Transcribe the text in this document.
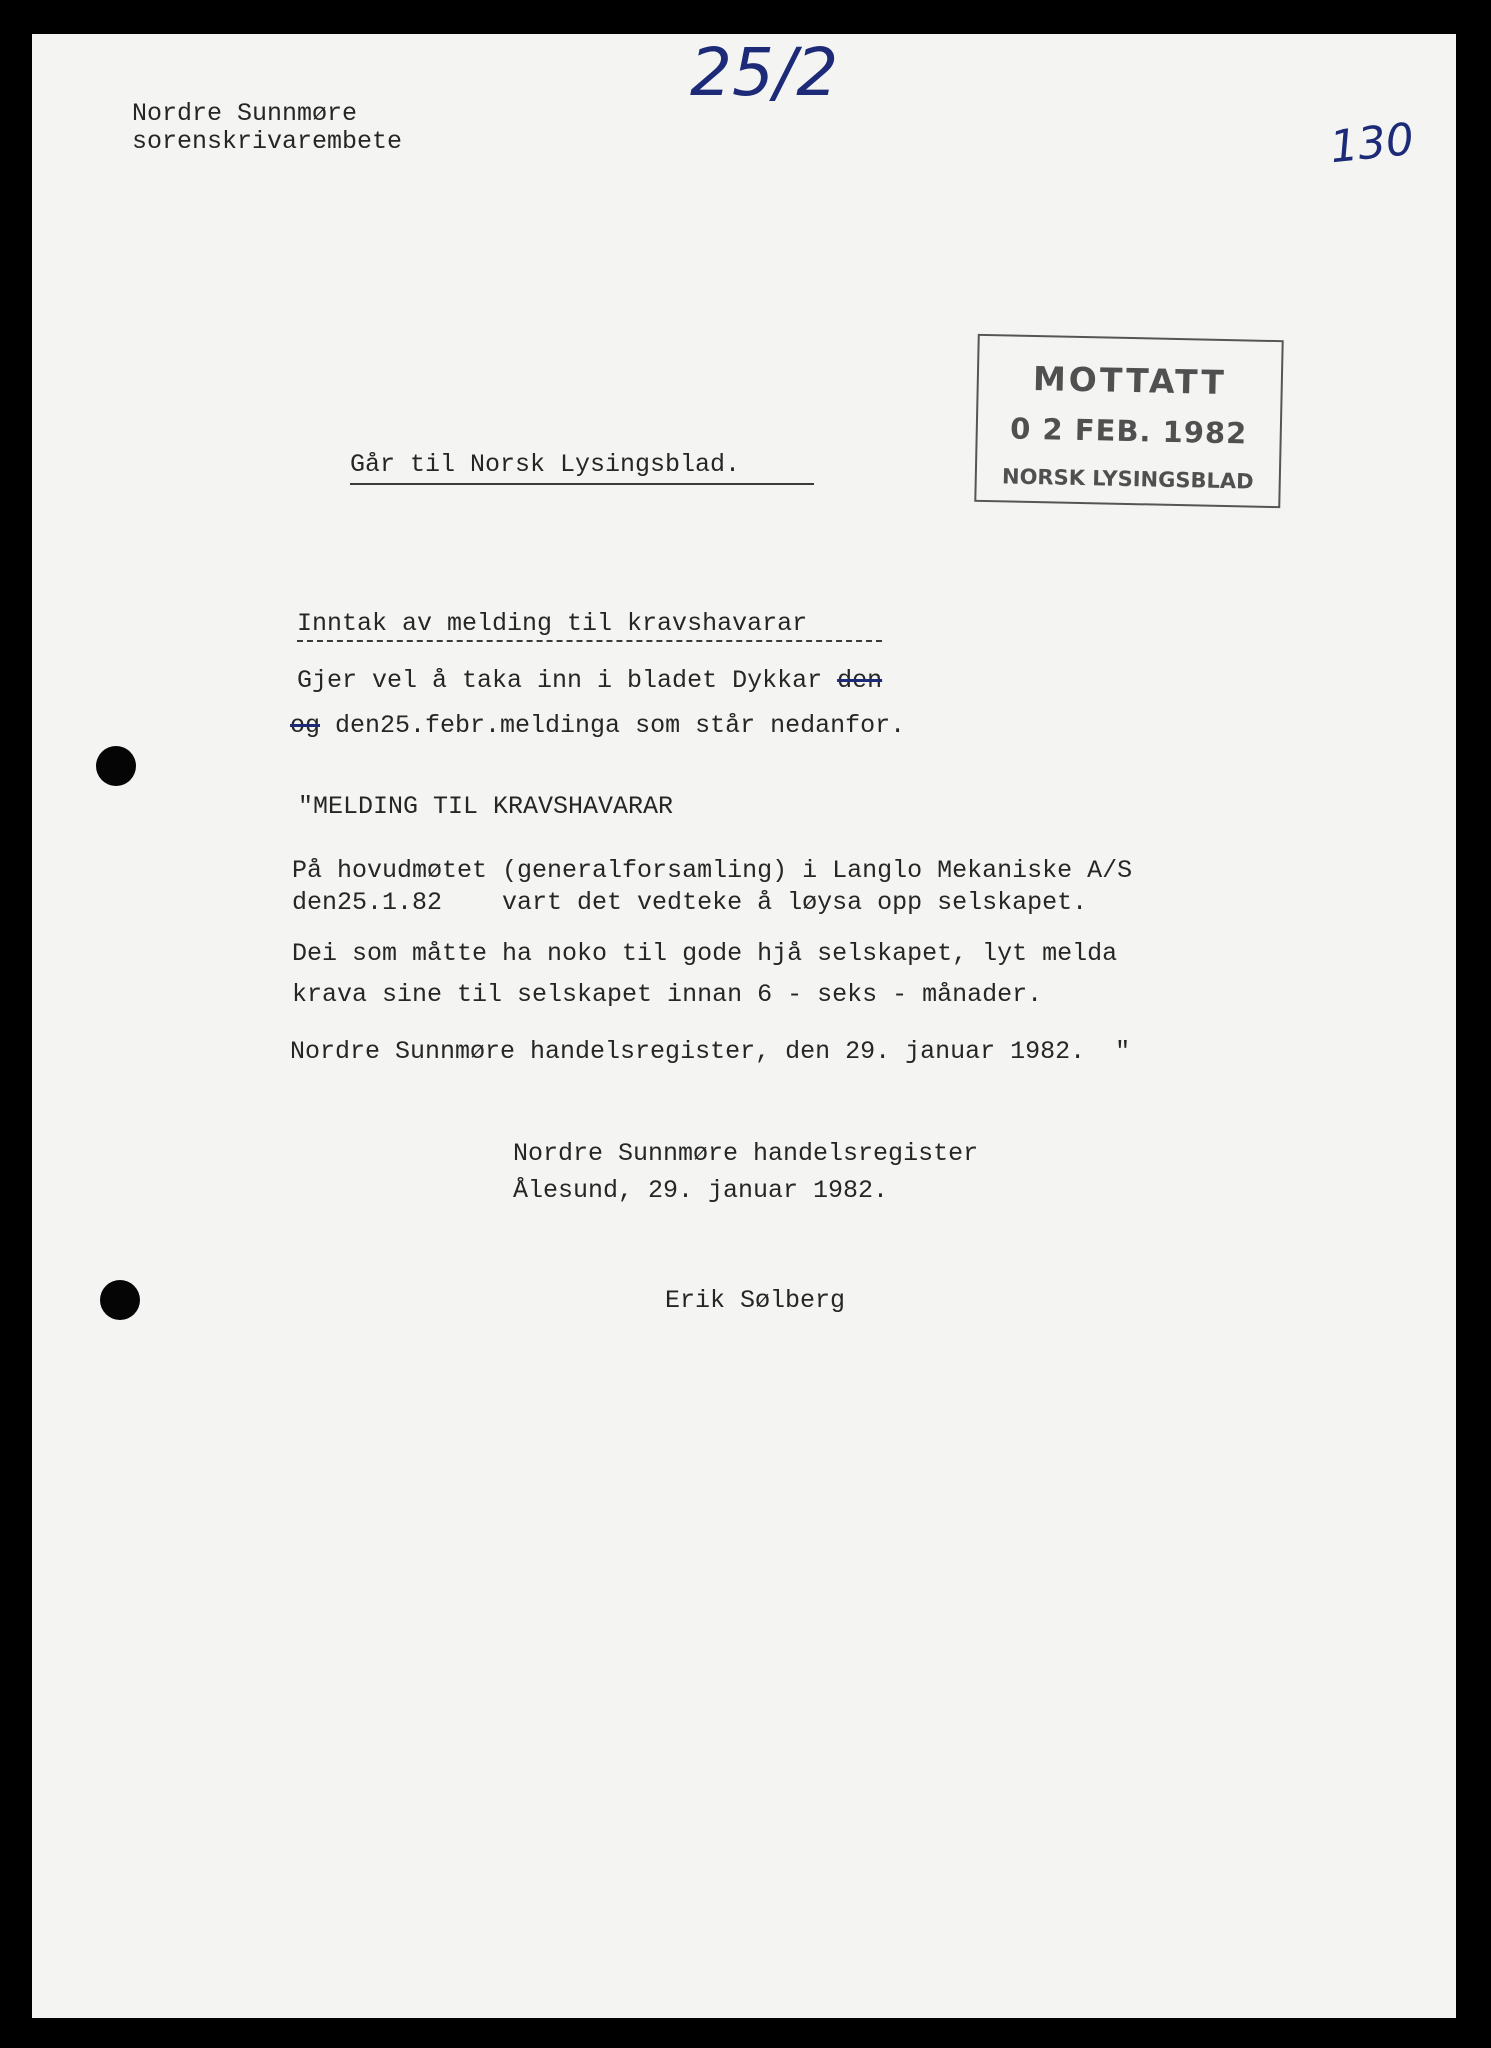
Nordre Sunnmøre

sorenskrivarembete

25/2
130
MOTTATT
0 2 FEB. 1982
NORSK LYSINGSBLAD

Går til Norsk Lysingsblad.

Inntak av melding til kravshavarar

Gjer vel å taka inn i bladet Dykkar den

og den25.febr.meldinga som står nedanfor.

"MELDING TIL KRAVSHAVARAR

På hovudmøtet (generalforsamling) i Langlo Mekaniske A/S

den25.1.82    vart det vedteke å løysa opp selskapet.

Dei som måtte ha noko til gode hjå selskapet, lyt melda

krava sine til selskapet innan 6 - seks - månader.

Nordre Sunnmøre handelsregister, den 29. januar 1982.  "

Nordre Sunnmøre handelsregister

Ålesund, 29. januar 1982.

Erik Sølberg
